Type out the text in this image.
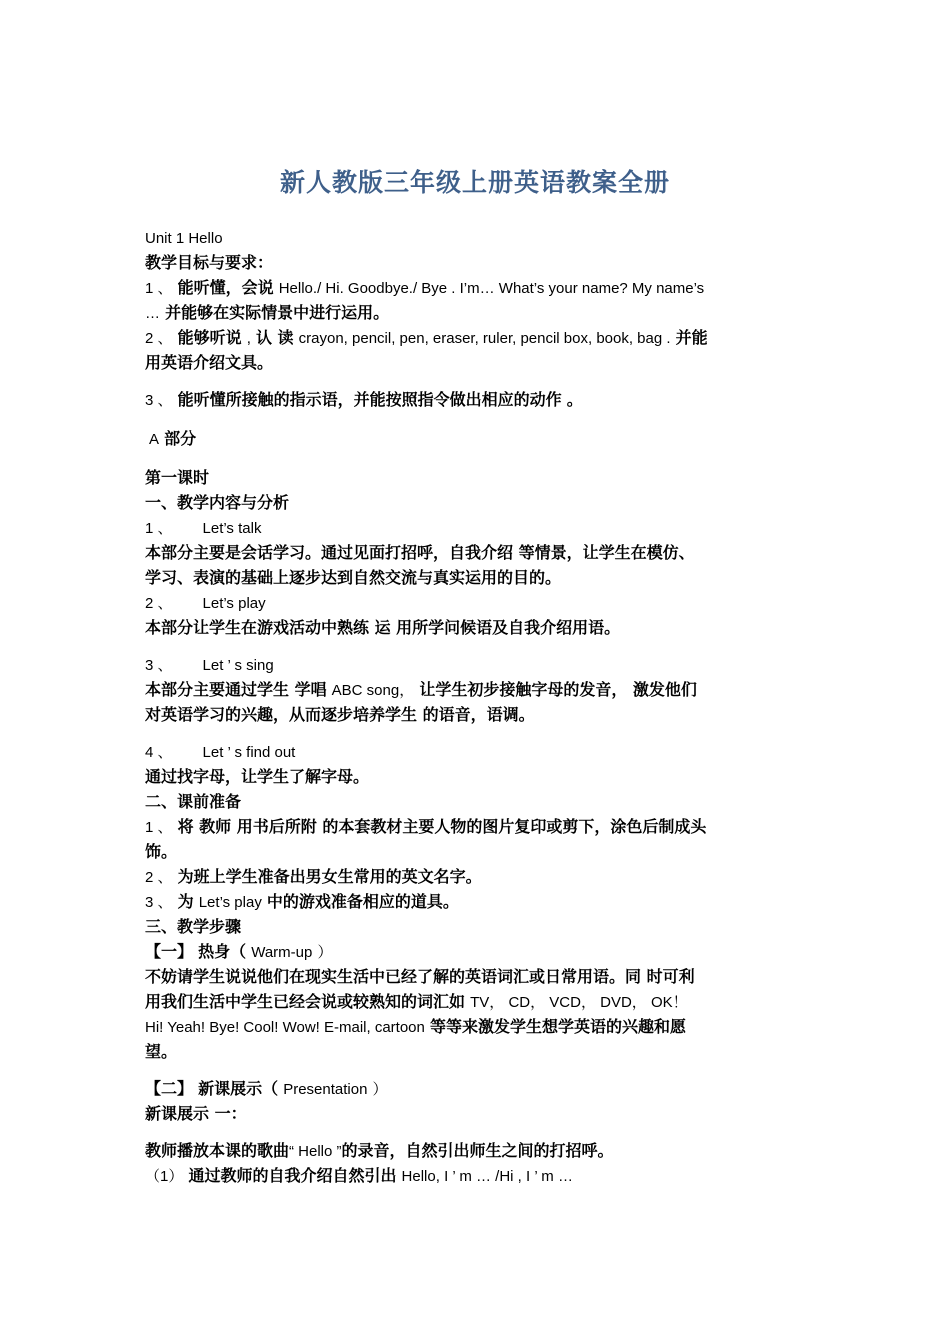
新人教版三年级上册英语教案全册
Unit 1 Hello
教学目标与要求：
1 、 能听懂，会说 Hello./ Hi. Goodbye./ Bye . I’m… What’s your name? My name’s
… 并能够在实际情景中进行运用。
2 、 能够听说 , 认 读 crayon, pencil, pen, eraser, ruler, pencil box, book, bag . 并能
用英语介绍文具。
3 、 能听懂所接触的指示语，并能按照指令做出相应的动作 。
A 部分
第一课时
一、教学内容与分析
1 、 Let’s talk
本部分主要是会话学习。通过见面打招呼，自我介绍 等情景，让学生在模仿、
学习、表演的基础上逐步达到自然交流与真实运用的目的。
2 、 Let’s play
本部分让学生在游戏活动中熟练 运 用所学问候语及自我介绍用语。
3 、 Let ’ s sing
本部分主要通过学生 学唱 ABC song， 让学生初步接触字母的发音， 激发他们
对英语学习的兴趣，从而逐步培养学生 的语音，语调。
4 、 Let ’ s find out
通过找字母，让学生了解字母。
二、课前准备
1 、 将 教师 用书后所附 的本套教材主要人物的图片复印或剪下，涂色后制成头
饰。
2 、 为班上学生准备出男女生常用的英文名字。
3 、 为 Let’s play 中的游戏准备相应的道具。
三、教学步骤
【一】 热身（ Warm-up ）
不妨请学生说说他们在现实生活中已经了解的英语词汇或日常用语。同 时可利
用我们生活中学生已经会说或较熟知的词汇如 TV， CD， VCD， DVD， OK！
Hi! Yeah! Bye! Cool! Wow! E-mail, cartoon 等等来激发学生想学英语的兴趣和愿
望。
【二】 新课展示（ Presentation ）
新课展示 一：
教师播放本课的歌曲“ Hello ”的录音，自然引出师生之间的打招呼。
（1） 通过教师的自我介绍自然引出 Hello, I ’ m … /Hi , I ’ m …
